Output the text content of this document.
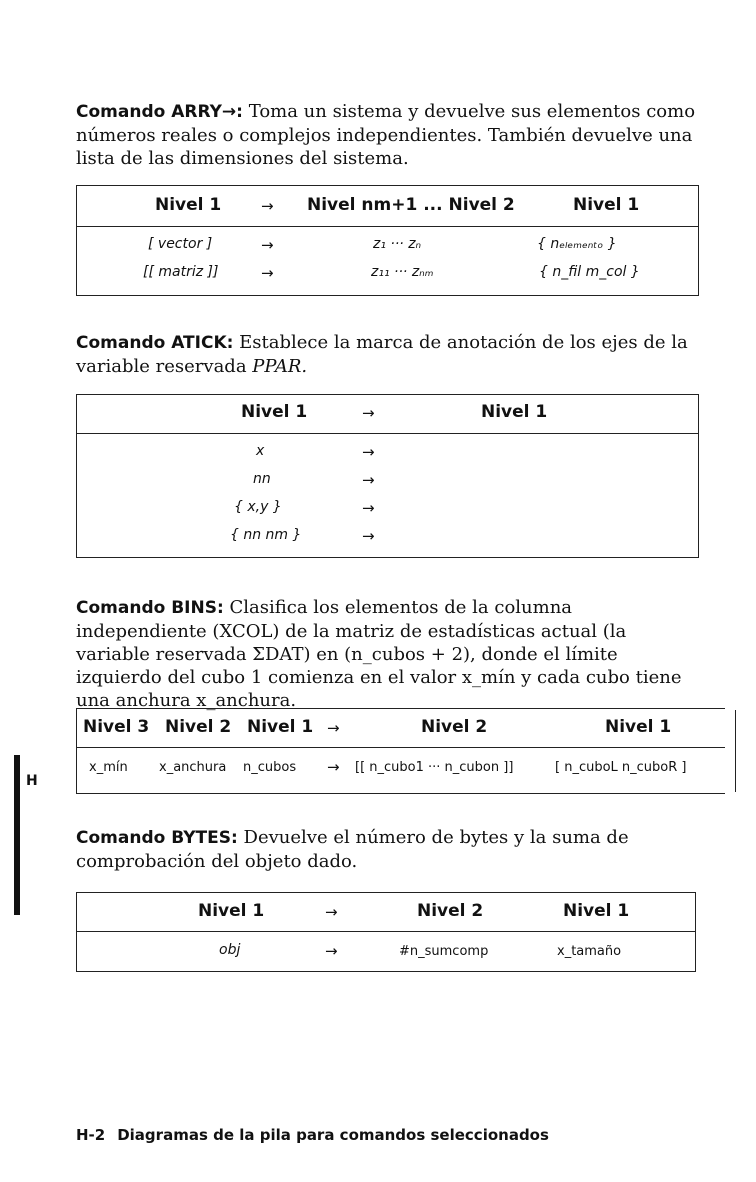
Comando ARRY→: Toma un sistema y devuelve sus elementos como números reales o complejos independientes. También devuelve una lista de las dimensiones del sistema.

Nivel 1	→ Nivel nm+1 ... Nivel 2	Nivel 1
[ vector ]	→	z₁ ··· zₙ	{ nₑₗₑₘₑₙₜₒ }
[[ matriz ]]	→	z₁₁ ··· zₙₘ	{ n_fil m_col }

Comando ATICK: Establece la marca de anotación de los ejes de la variable reservada PPAR.

Nivel 1	→	Nivel 1
x	→
nn	→
{ x,y }	→
{ nn nm }	→

Comando BINS: Clasifica los elementos de la columna independiente (XCOL) de la matriz de estadísticas actual (la variable reservada ΣDAT) en (n_cubos + 2), donde el límite izquierdo del cubo 1 comienza en el valor x_mín y cada cubo tiene una anchura x_anchura.

Nivel 3 Nivel 2 Nivel 1 →	Nivel 2	Nivel 1
x_mín x_anchura n_cubos → [[ n_cubo1 ··· n_cubon ]]	[ n_cuboL n_cuboR ]
H

Comando BYTES: Devuelve el número de bytes y la suma de comprobación del objeto dado.

Nivel 1	→	Nivel 2	Nivel 1
obj	→	#n_sumcomp	x_tamaño
H-2 Diagramas de la pila para comandos seleccionados
